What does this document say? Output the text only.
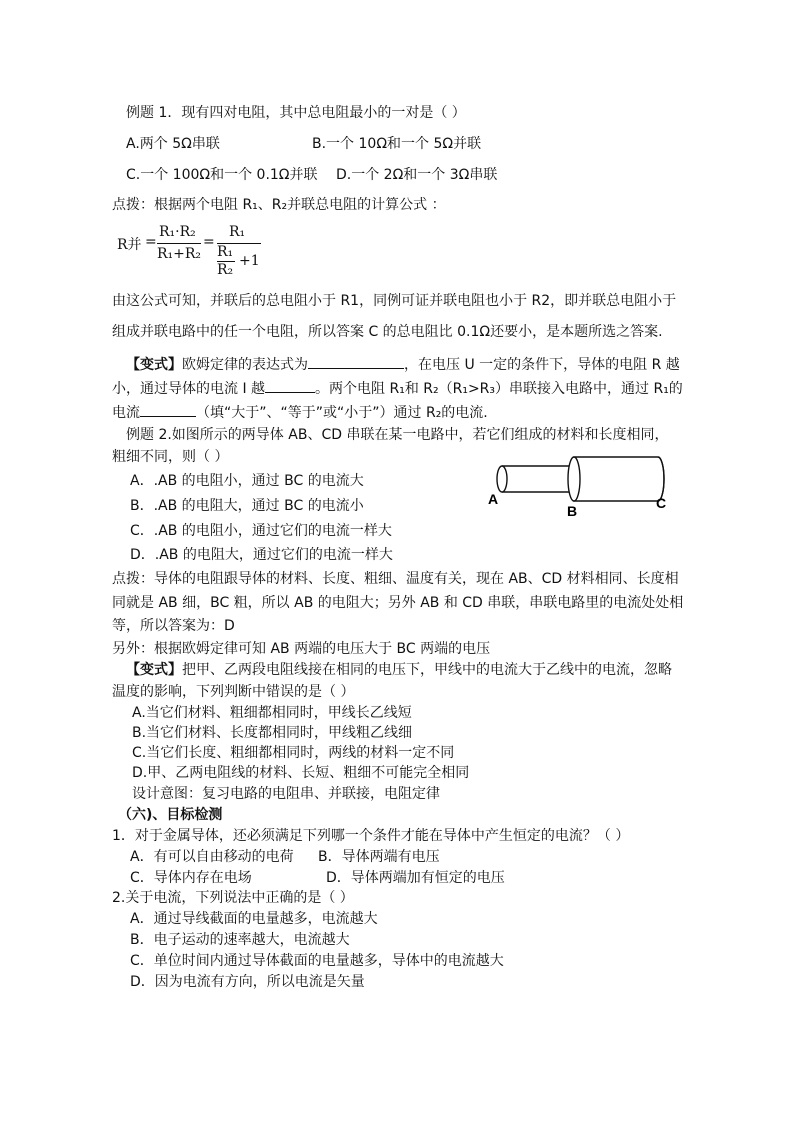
例题 1．现有四对电阻，其中总电阻最小的一对是（ ）
A.两个 5Ω串联	B.一个 10Ω和一个 5Ω并联
C.一个 100Ω和一个 0.1Ω并联 D.一个 2Ω和一个 3Ω串联
点拨：根据两个电阻 R₁、R₂并联总电阻的计算公式 ：
R并 =
R₁·R₂
R₁+R₂
=
R₁
R₁
R₂
+1
由这公式可知，并联后的总电阻小于 R1，同例可证并联电阻也小于 R2，即并联总电阻小于
组成并联电路中的任一个电阻，所以答案 C 的总电阻比 0.1Ω还要小，是本题所选之答案.
【变式】欧姆定律的表达式为	，在电压 U 一定的条件下，导体的电阻 R 越
小，通过导体的电流 I 越	。两个电阻 R₁和 R₂（R₁>R₃）串联接入电路中，通过 R₁的
电流	（填“大于”、“等于”或“小于”）通过 R₂的电流.
例题 2.如图所示的两导体 AB、CD 串联在某一电路中，若它们组成的材料和长度相同，
粗细不同，则（ ）
A．.AB 的电阻小，通过 BC 的电流大
B．.AB 的电阻大，通过 BC 的电流小
C．.AB 的电阻小，通过它们的电流一样大
D．.AB 的电阻大，通过它们的电流一样大
A
B	C
点拨：导体的电阻跟导体的材料、长度、粗细、温度有关，现在 AB、CD 材料相同、长度相
同就是 AB 细，BC 粗，所以 AB 的电阻大；另外 AB 和 CD 串联，串联电路里的电流处处相
等，所以答案为：D
另外：根据欧姆定律可知 AB 两端的电压大于 BC 两端的电压
【变式】把甲、乙两段电阻线接在相同的电压下，甲线中的电流大于乙线中的电流，忽略
温度的影响，下列判断中错误的是（ ）
A.当它们材料、粗细都相同时，甲线长乙线短
B.当它们材料、长度都相同时，甲线粗乙线细
C.当它们长度、粗细都相同时，两线的材料一定不同
D.甲、乙两电阻线的材料、长短、粗细不可能完全相同
设计意图：复习电路的电阻串、并联接，电阻定律
（六)、目标检测
1．对于金属导体，还必须满足下列哪一个条件才能在导体中产生恒定的电流？（ ）
A．有可以自由移动的电荷 B．导体两端有电压
C．导体内存在电场	D．导体两端加有恒定的电压
2.关于电流，下列说法中正确的是（ ）
A．通过导线截面的电量越多，电流越大
B．电子运动的速率越大，电流越大
C．单位时间内通过导体截面的电量越多，导体中的电流越大
D．因为电流有方向，所以电流是矢量
